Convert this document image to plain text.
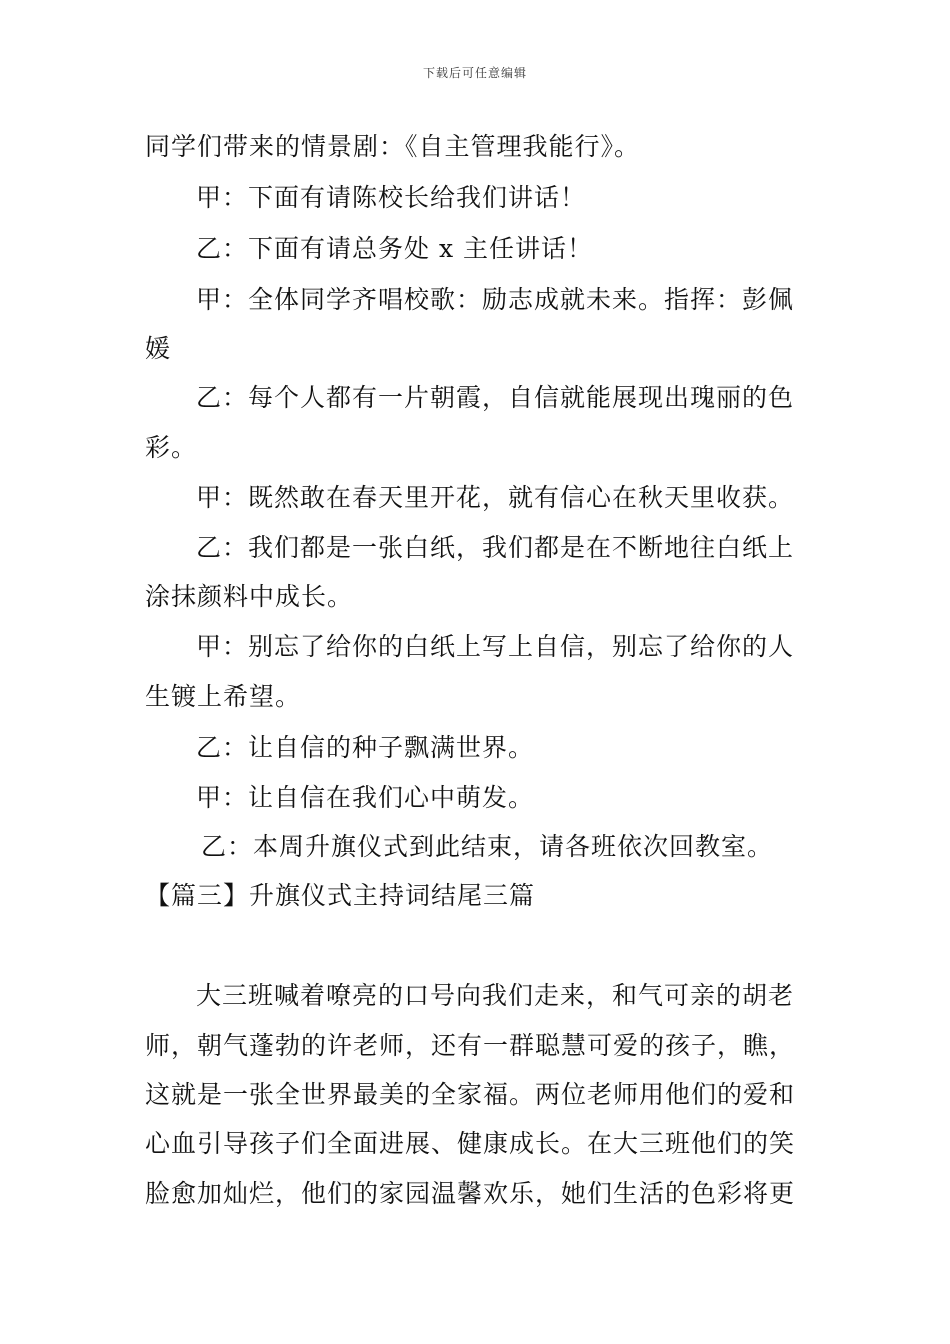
下载后可任意编辑
同学们带来的情景剧：《自主管理我能行》。
甲：下面有请陈校长给我们讲话！
乙：下面有请总务处 x 主任讲话！
甲：全体同学齐唱校歌：励志成就未来。指挥：彭佩
媛
乙：每个人都有一片朝霞，自信就能展现出瑰丽的色
彩。
甲：既然敢在春天里开花，就有信心在秋天里收获。
乙：我们都是一张白纸，我们都是在不断地往白纸上
涂抹颜料中成长。
甲：别忘了给你的白纸上写上自信，别忘了给你的人
生镀上希望。
乙：让自信的种子飘满世界。
甲：让自信在我们心中萌发。
乙：本周升旗仪式到此结束，请各班依次回教室。
【篇三】升旗仪式主持词结尾三篇
大三班喊着嘹亮的口号向我们走来，和气可亲的胡老
师，朝气蓬勃的许老师，还有一群聪慧可爱的孩子，瞧，
这就是一张全世界最美的全家福。两位老师用他们的爱和
心血引导孩子们全面进展、健康成长。在大三班他们的笑
脸愈加灿烂，他们的家园温馨欢乐，她们生活的色彩将更
